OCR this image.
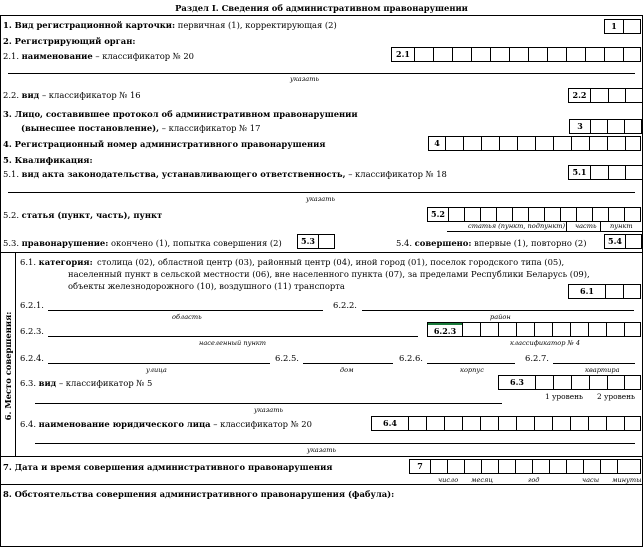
Раздел I. Сведения об административном правонарушении
1. Вид регистрационной карточки: первичная (1), корректирующая (2)	1
2. Регистрирующий орган:
2.1. наименование – классификатор № 20	2.1
указать
2.2. вид – классификатор № 16	2.2
3. Лицо, составившее протокол об административном правонарушении
(вынесшее постановление), – классификатор № 17	3
4. Регистрационный номер административного правонарушения	4
5. Квалификация:
5.1. вид акта законодательства, устанавливающего ответственность, – классификатор № 18	5.1
указать
5.2. статья (пункт, часть), пункт	5.2
статья (пункт, подпункт) часть пункт
5.3. правонарушение: окончено (1), попытка совершения (2)	5.3	5.4. совершено: впервые (1), повторно (2)	5.4
6. Место совершения:
6.1. категория: столица (02), областной центр (03), районный центр (04), иной город (01), поселок городского типа (05),
населенный пункт в сельской местности (06), вне населенного пункта (07), за пределами Республики Беларусь (09),
объекты железнодорожного (10), воздушного (11) транспорта	6.1
6.2.1.
область
6.2.2.
район
6.2.3.
населенный пункт
6.2.3
классификатор № 4
6.2.4.
улица
6.2.5.
дом
6.2.6.
корпус
6.2.7.
квартира
6.3. вид – классификатор № 5	6.3
1 уровень 2 уровень
указать
6.4. наименование юридического лица – классификатор № 20	6.4
указать
7. Дата и время совершения административного правонарушения	7
число месяц	год	часы минуты
8. Обстоятельства совершения административного правонарушения (фабула):
